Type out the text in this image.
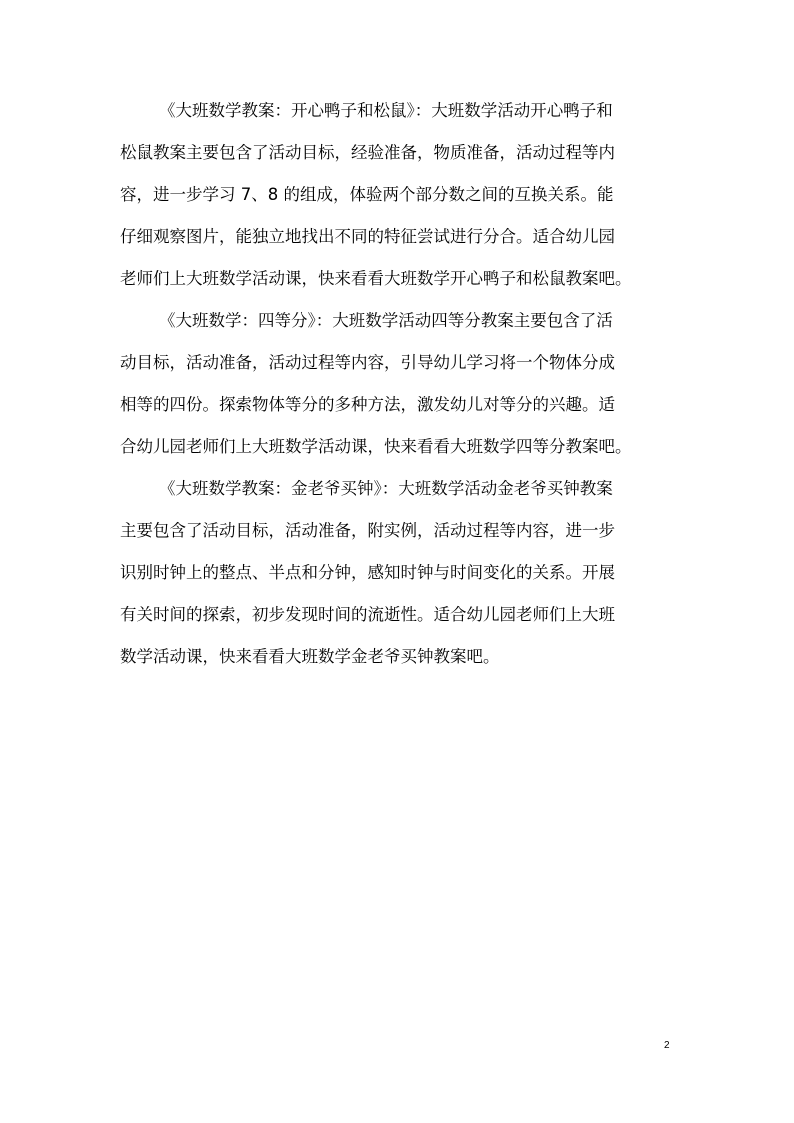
《大班数学教案：开心鸭子和松鼠》：大班数学活动开心鸭子和
松鼠教案主要包含了活动目标，经验准备，物质准备，活动过程等内
容，进一步学习 7、8 的组成，体验两个部分数之间的互换关系。能
仔细观察图片，能独立地找出不同的特征尝试进行分合。适合幼儿园
老师们上大班数学活动课，快来看看大班数学开心鸭子和松鼠教案吧。
《大班数学：四等分》：大班数学活动四等分教案主要包含了活
动目标，活动准备，活动过程等内容，引导幼儿学习将一个物体分成
相等的四份。探索物体等分的多种方法，激发幼儿对等分的兴趣。适
合幼儿园老师们上大班数学活动课，快来看看大班数学四等分教案吧。
《大班数学教案：金老爷买钟》：大班数学活动金老爷买钟教案
主要包含了活动目标，活动准备，附实例，活动过程等内容，进一步
识别时钟上的整点、半点和分钟，感知时钟与时间变化的关系。开展
有关时间的探索，初步发现时间的流逝性。适合幼儿园老师们上大班
数学活动课，快来看看大班数学金老爷买钟教案吧。
2
